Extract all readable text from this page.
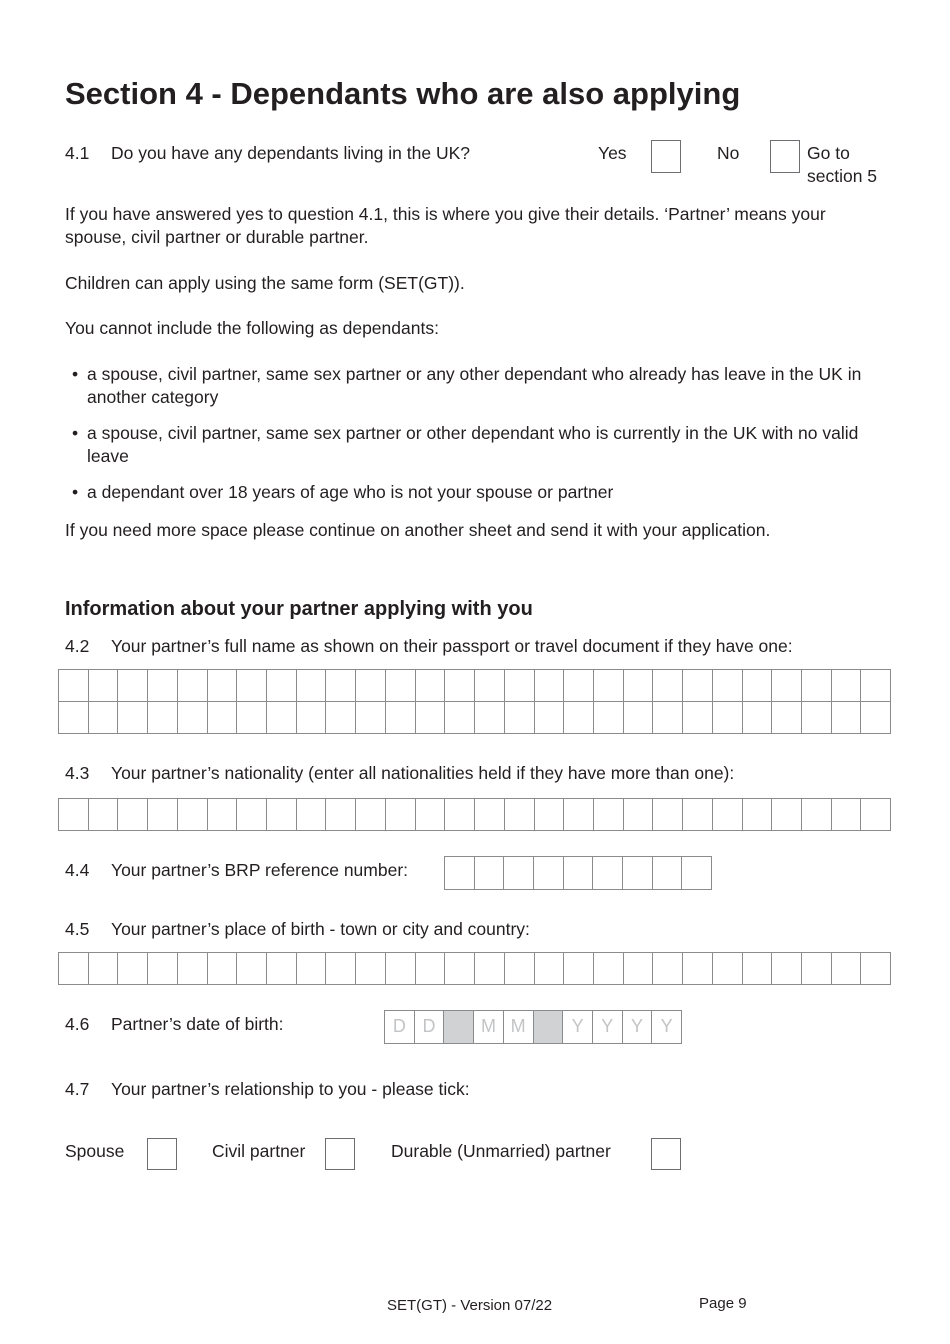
Section 4 - Dependants who are also applying
4.1 Do you have any dependants living in the UK?	Yes	No	Go to
section 5
If you have answered yes to question 4.1, this is where you give their details. ‘Partner’ means your spouse, civil partner or durable partner.
Children can apply using the same form (SET(GT)).
You cannot include the following as dependants:
• a spouse, civil partner, same sex partner or any other dependant who already has leave in the UK in another category
• a spouse, civil partner, same sex partner or other dependant who is currently in the UK with no valid leave
• a dependant over 18 years of age who is not your spouse or partner
If you need more space please continue on another sheet and send it with your application.
Information about your partner applying with you
4.2 Your partner’s full name as shown on their passport or travel document if they have one:
4.3 Your partner’s nationality (enter all nationalities held if they have more than one):
4.4 Your partner’s BRP reference number:
4.5 Your partner’s place of birth - town or city and country:
4.6 Partner’s date of birth:	D D	M M	Y Y Y Y
4.7 Your partner’s relationship to you - please tick:
Spouse	Civil partner	Durable (Unmarried) partner
SET(GT) - Version 07/22	Page 9
